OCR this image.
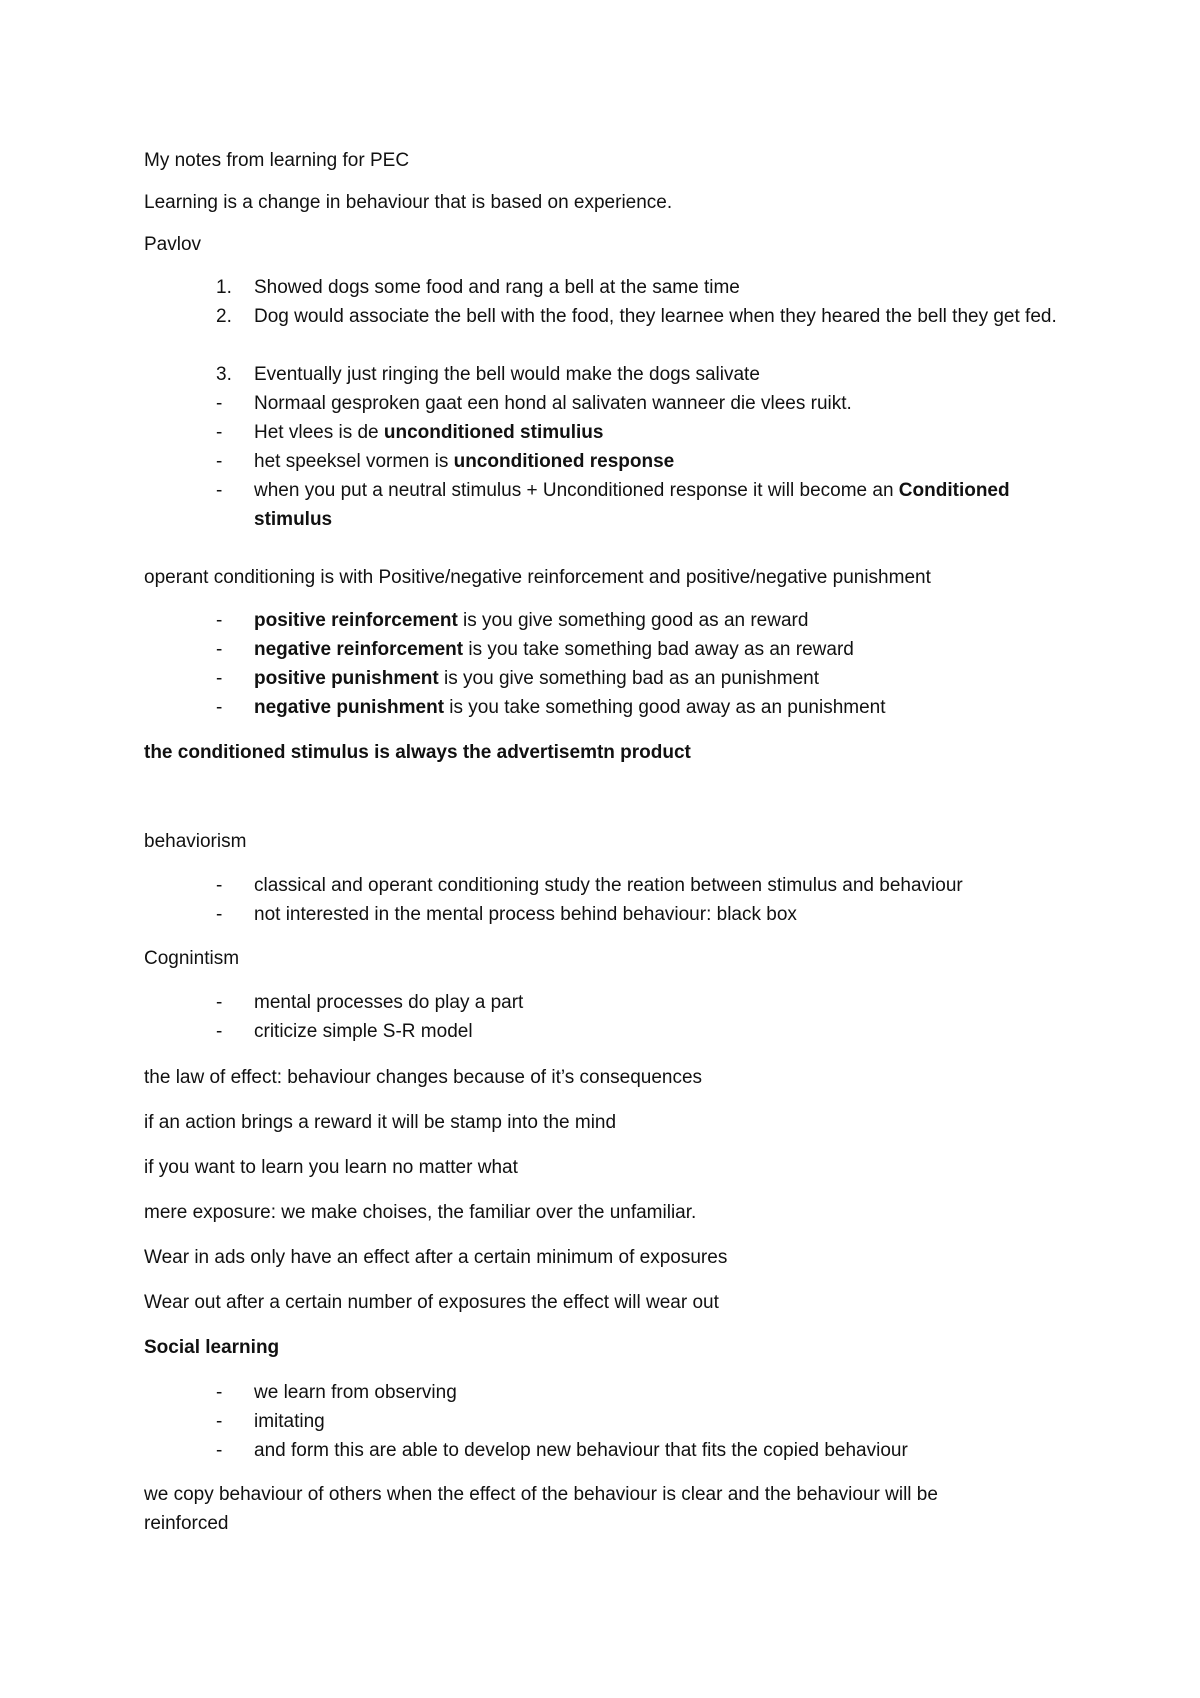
My notes from learning for PEC

Learning is a change in behaviour that is based on experience.

Pavlov

1.	Showed dogs some food and rang a bell at the same time
2.	Dog would associate the bell with the food, they learnee when they heared the bell they get fed.
3.	Eventually just ringing the bell would make the dogs salivate
-	Normaal gesproken gaat een hond al salivaten wanneer die vlees ruikt.
-	Het vlees is de unconditioned stimulius
-	het speeksel vormen is unconditioned response
-	when you put a neutral stimulus + Unconditioned response it will become an Conditioned stimulus

operant conditioning is with Positive/negative reinforcement and positive/negative punishment

-	positive reinforcement is you give something good as an reward
-	negative reinforcement is you take something bad away as an reward
-	positive punishment is you give something bad as an punishment
-	negative punishment is you take something good away as an punishment

the conditioned stimulus is always the advertisemtn product

behaviorism

-	classical and operant conditioning study the reation between stimulus and behaviour
-	not interested in the mental process behind behaviour: black box

Cognintism

-	mental processes do play a part
-	criticize simple S-R model

the law of effect: behaviour changes because of it’s consequences

if an action brings a reward it will be stamp into the mind

if you want to learn you learn no matter what

mere exposure: we make choises, the familiar over the unfamiliar.

Wear in ads only have an effect after a certain minimum of exposures

Wear out after a certain number of exposures the effect will wear out

Social learning

-	we learn from observing
-	imitating
-	and form this are able to develop new behaviour that fits the copied behaviour

we copy behaviour of others when the effect of the behaviour is clear and the behaviour will be reinforced
